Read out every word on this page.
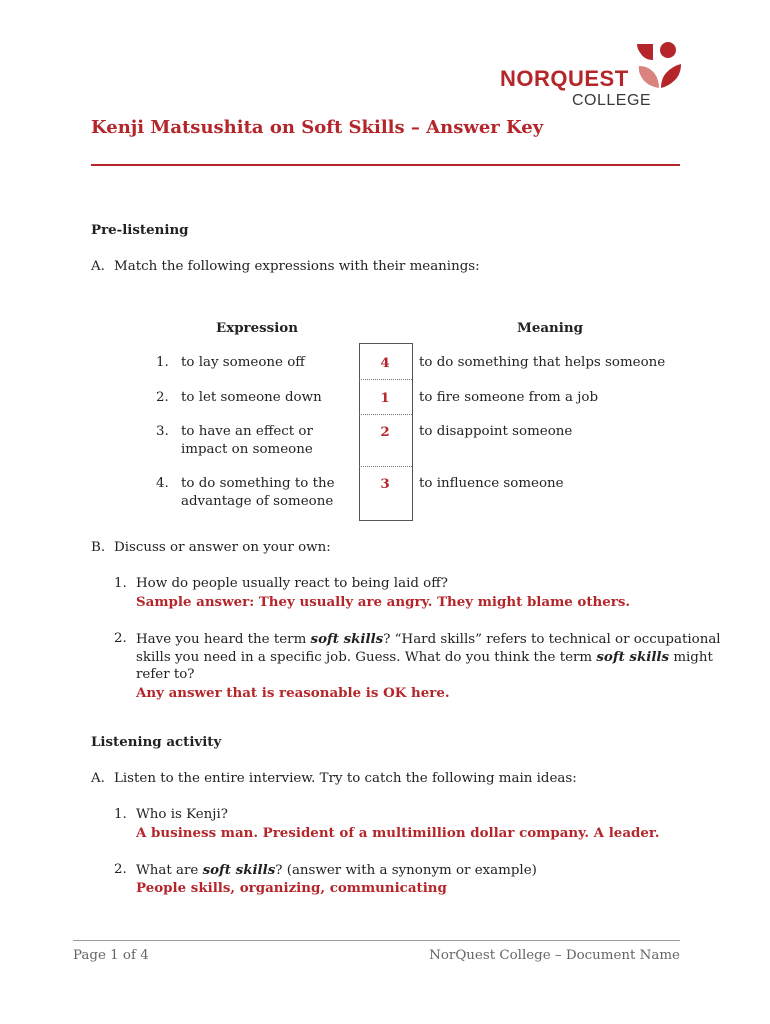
NORQUEST
COLLEGE
Kenji Matsushita on Soft Skills – Answer Key
Pre-listening
A. Match the following expressions with their meanings:
Expression	Meaning
1. to lay someone off	4	to do something that helps someone
2. to let someone down	1	to fire someone from a job
3. to have an effect or
impact on someone
2	to disappoint someone
4. to do something to the
advantage of someone
3	to influence someone
B. Discuss or answer on your own:
1. How do people usually react to being laid off?
Sample answer: They usually are angry. They might blame others.
2. Have you heard the term soft skills? “Hard skills” refers to technical or occupational
skills you need in a specific job. Guess. What do you think the term soft skills might
refer to?
Any answer that is reasonable is OK here.
Listening activity
A. Listen to the entire interview. Try to catch the following main ideas:
1. Who is Kenji?
A business man. President of a multimillion dollar company. A leader.
2. What are soft skills? (answer with a synonym or example)
People skills, organizing, communicating
Page 1 of 4	NorQuest College – Document Name
